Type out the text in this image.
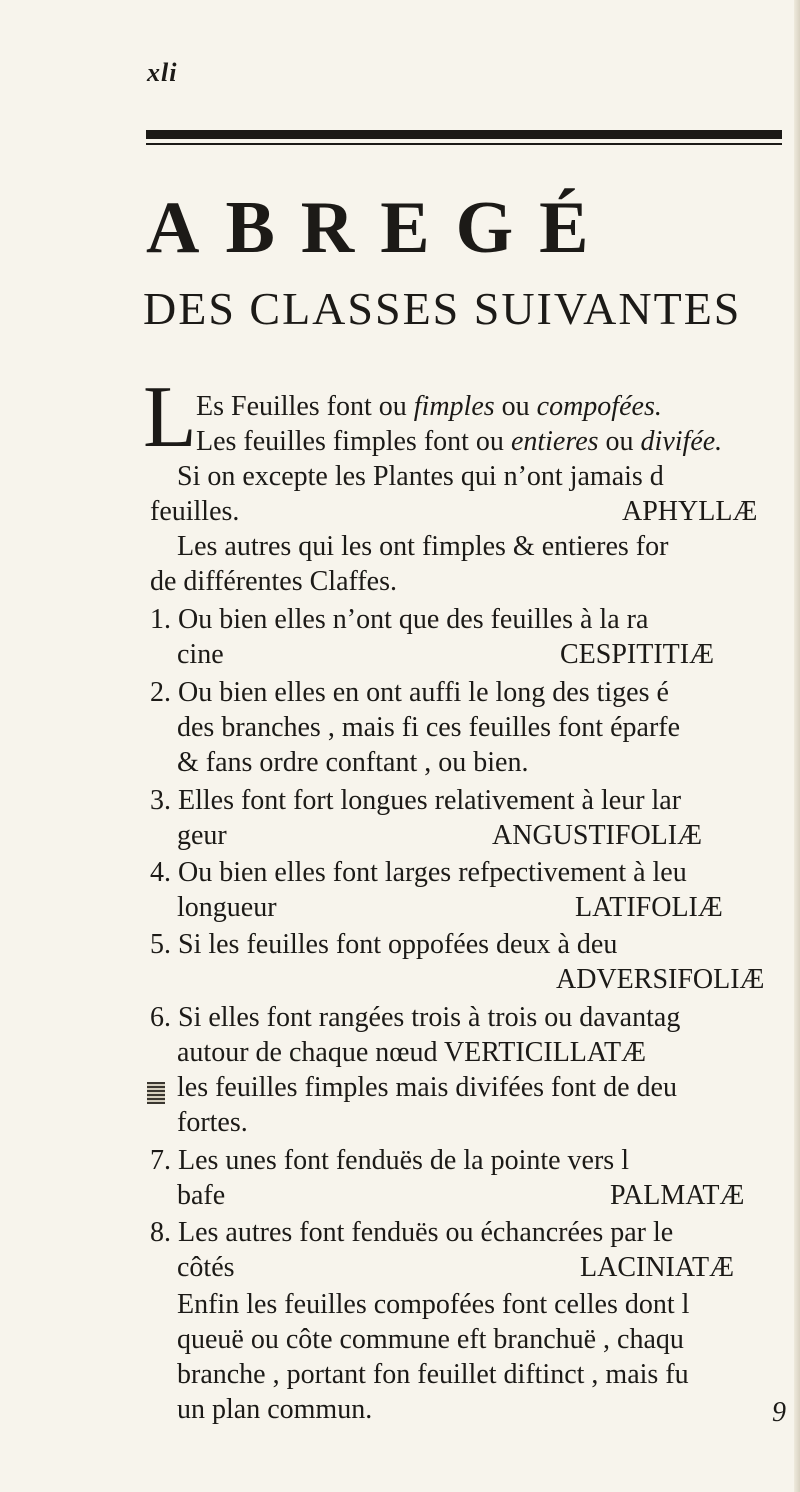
xli
ABREGÉ
DES CLASSES SUIVANTES
L Es Feuilles font ou fimples ou compofées.
Les feuilles fimples font ou entieres ou divifée.
Si on excepte les Plantes qui n’ont jamais d
feuilles.	APHYLLÆ
Les autres qui les ont fimples & entieres for
de différentes Claffes.
1. Ou bien elles n’ont que des feuilles à la ra
cine	CESPITITIÆ
2. Ou bien elles en ont auffi le long des tiges é
des branches , mais fi ces feuilles font éparfe
& fans ordre conftant , ou bien.
3. Elles font fort longues relativement à leur lar
geur	ANGUSTIFOLIÆ
4. Ou bien elles font larges refpectivement à leu
longueur	LATIFOLIÆ
5. Si les feuilles font oppofées deux à deu
ADVERSIFOLIÆ
6. Si elles font rangées trois à trois ou davantag
autour de chaque nœud VERTICILLATÆ
les feuilles fimples mais divifées font de deu
fortes.
7. Les unes font fenduës de la pointe vers l
bafe	PALMATÆ
8. Les autres font fenduës ou échancrées par le
côtés	LACINIATÆ
Enfin les feuilles compofées font celles dont l
queuë ou côte commune eft branchuë , chaqu
branche , portant fon feuillet diftinct , mais fu
un plan commun.	9
